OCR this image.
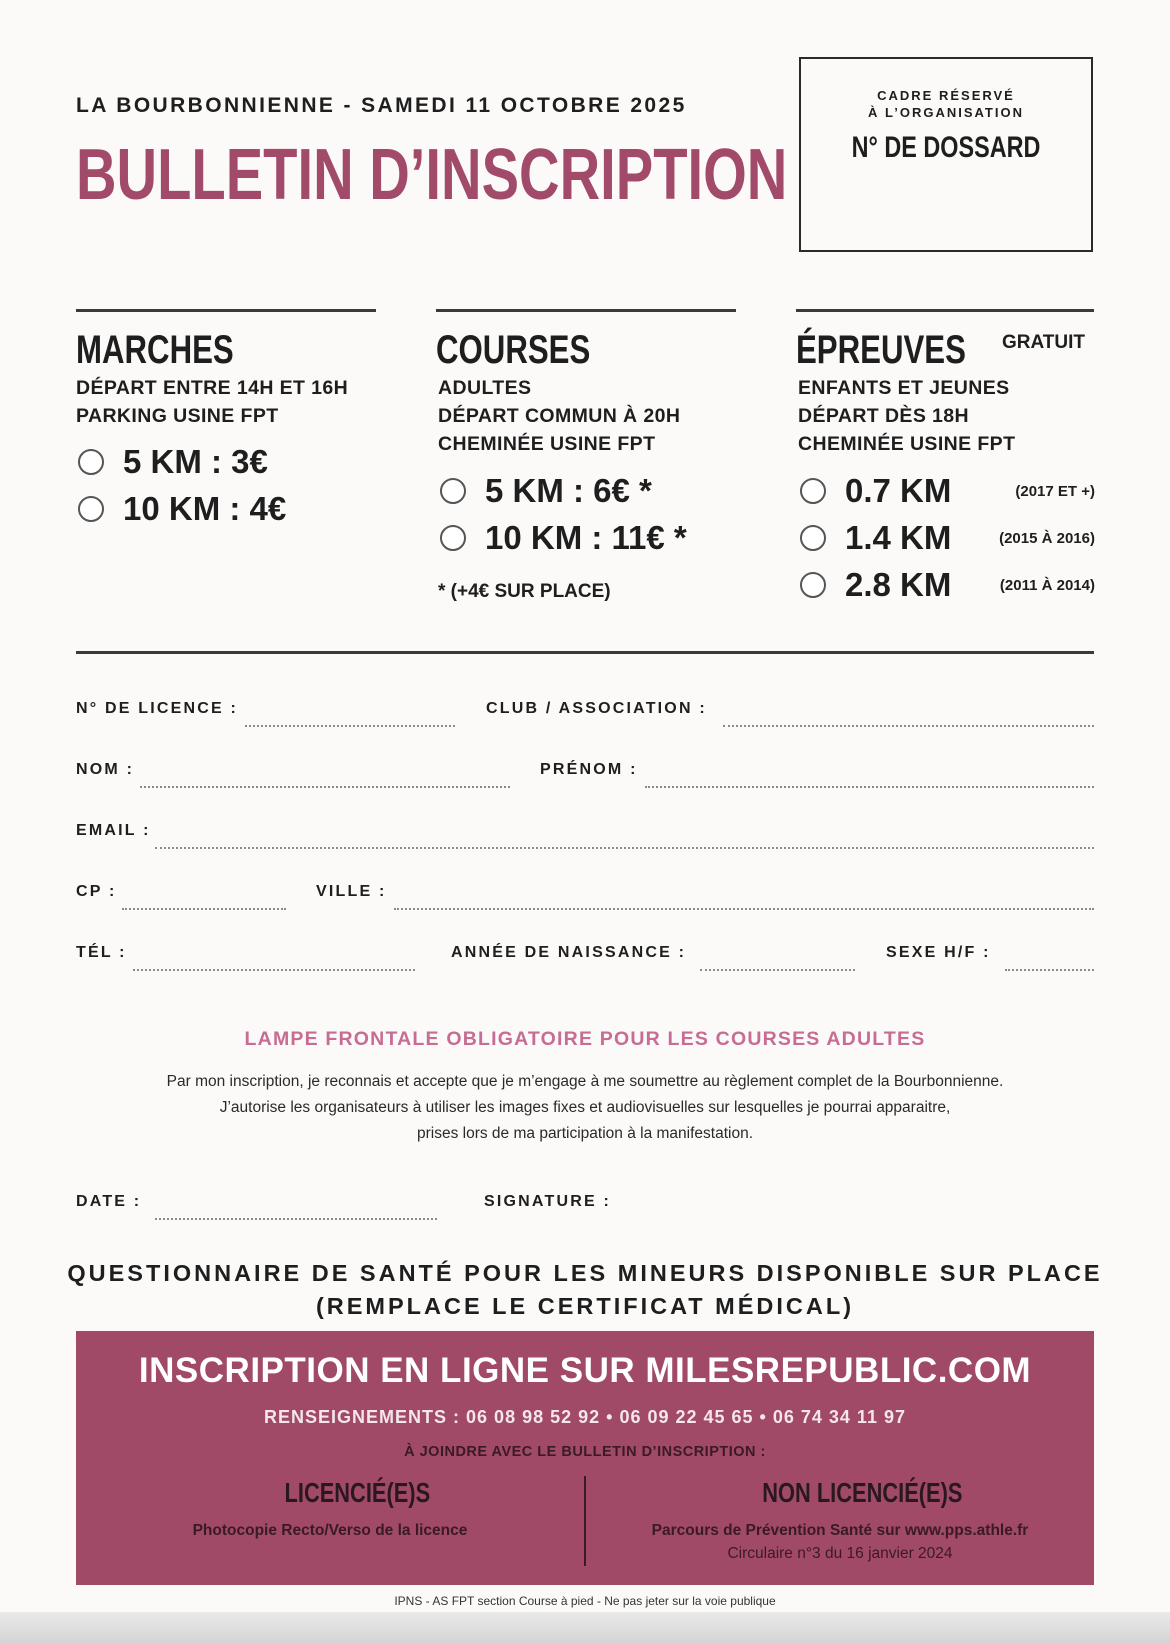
LA BOURBONNIENNE - SAMEDI 11 OCTOBRE 2025
BULLETIN D’INSCRIPTION
CADRE RÉSERVÉ
À L’ORGANISATION
N° DE DOSSARD
MARCHES
DÉPART ENTRE 14H ET 16H
PARKING USINE FPT
5 KM : 3€
10 KM : 4€
COURSES
ADULTES
DÉPART COMMUN À 20H
CHEMINÉE USINE FPT
5 KM : 6€ *
10 KM : 11€ *
* (+4€ SUR PLACE)
ÉPREUVES GRATUIT
ENFANTS ET JEUNES
DÉPART DÈS 18H
CHEMINÉE USINE FPT
0.7 KM	(2017 ET +)
1.4 KM	(2015 À 2016)
2.8 KM	(2011 À 2014)
N° DE LICENCE :	CLUB / ASSOCIATION :
NOM :	PRÉNOM :
EMAIL :
CP :	VILLE :
TÉL :	ANNÉE DE NAISSANCE :	SEXE H/F :
LAMPE FRONTALE OBLIGATOIRE POUR LES COURSES ADULTES
Par mon inscription, je reconnais et accepte que je m’engage à me soumettre au règlement complet de la Bourbonnienne.
J’autorise les organisateurs à utiliser les images fixes et audiovisuelles sur lesquelles je pourrai apparaitre,
prises lors de ma participation à la manifestation.
DATE :	SIGNATURE :
QUESTIONNAIRE DE SANTÉ POUR LES MINEURS DISPONIBLE SUR PLACE
(REMPLACE LE CERTIFICAT MÉDICAL)
INSCRIPTION EN LIGNE SUR MILESREPUBLIC.COM
RENSEIGNEMENTS : 06 08 98 52 92 • 06 09 22 45 65 • 06 74 34 11 97
À JOINDRE AVEC LE BULLETIN D’INSCRIPTION :
LICENCIÉ(E)S
Photocopie Recto/Verso de la licence
NON LICENCIÉ(E)S
Parcours de Prévention Santé sur www.pps.athle.fr
Circulaire n°3 du 16 janvier 2024
IPNS - AS FPT section Course à pied - Ne pas jeter sur la voie publique
